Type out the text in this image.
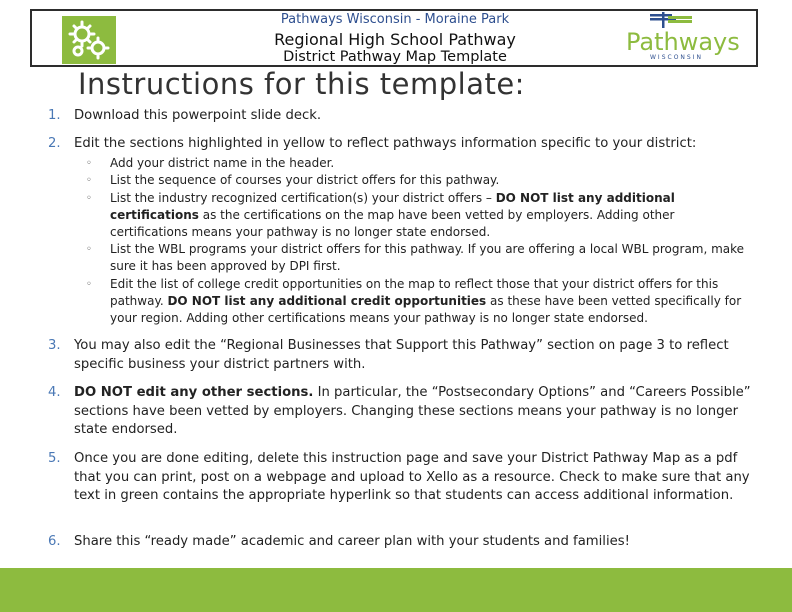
Pathways Wisconsin - Moraine Park
Regional High School Pathway
District Pathway Map Template
Pathways
WISCONSIN
Instructions for this template:
1. Download this powerpoint slide deck.
2. Edit the sections highlighted in yellow to reflect pathways information specific to your district:
◦ Add your district name in the header.
◦ List the sequence of courses your district offers for this pathway.
◦ List the industry recognized certification(s) your district offers – DO NOT list any additional certifications as the certifications on the map have been vetted by employers. Adding other certifications means your pathway is no longer state endorsed.
◦ List the WBL programs your district offers for this pathway. If you are offering a local WBL program, make sure it has been approved by DPI first.
◦ Edit the list of college credit opportunities on the map to reflect those that your district offers for this pathway. DO NOT list any additional credit opportunities as these have been vetted specifically for your region. Adding other certifications means your pathway is no longer state endorsed.
3. You may also edit the “Regional Businesses that Support this Pathway” section on page 3 to reflect specific business your district partners with.
4. DO NOT edit any other sections. In particular, the “Postsecondary Options” and “Careers Possible” sections have been vetted by employers. Changing these sections means your pathway is no longer state endorsed.
5. Once you are done editing, delete this instruction page and save your District Pathway Map as a pdf that you can print, post on a webpage and upload to Xello as a resource. Check to make sure that any text in green contains the appropriate hyperlink so that students can access additional information.
6. Share this “ready made” academic and career plan with your students and families!
